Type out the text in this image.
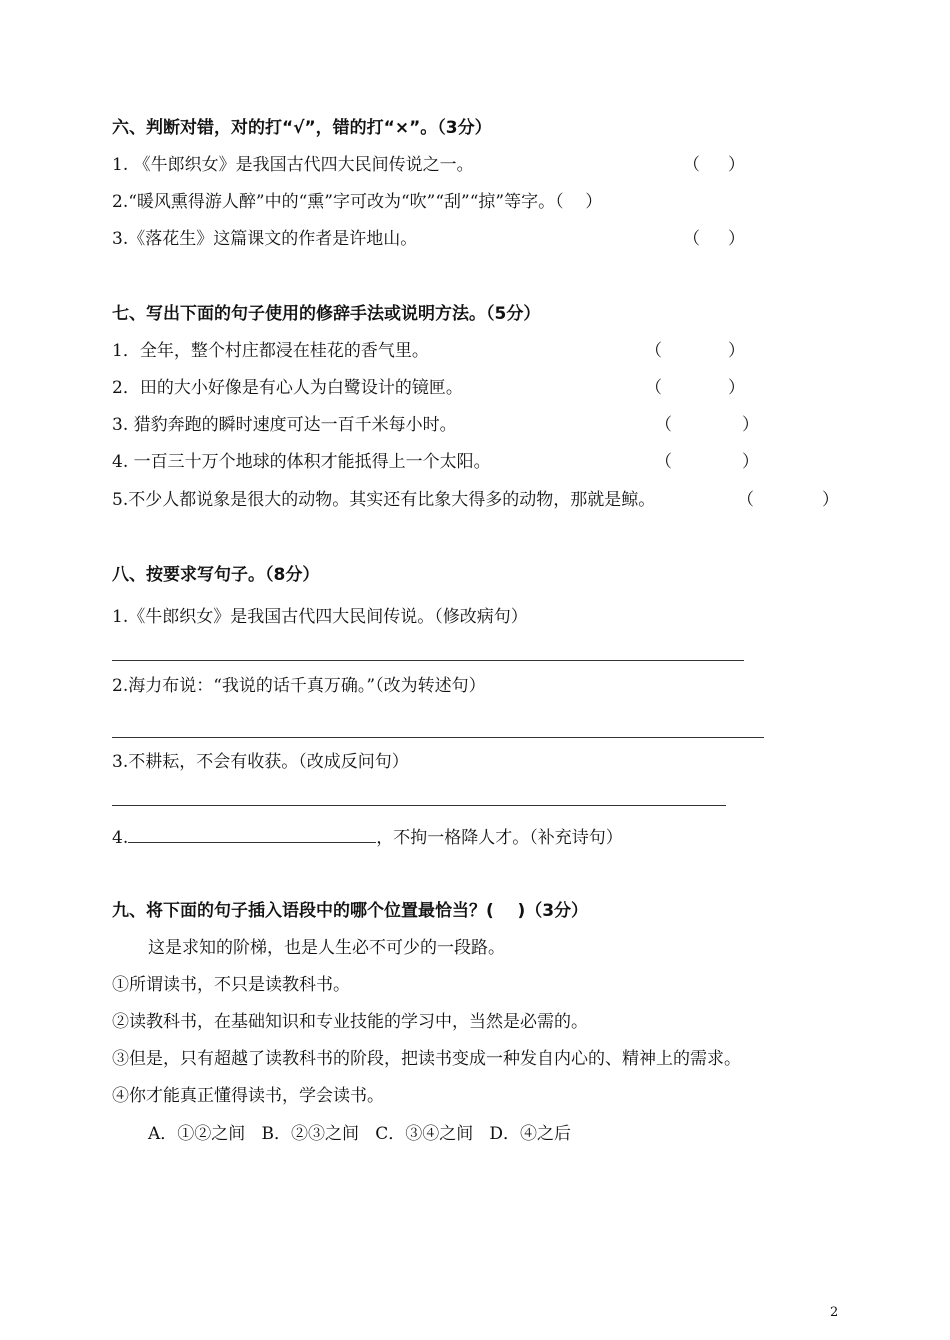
六、判断对错，对的打“√”，错的打“×”。（3分）
1. 《牛郎织女》是我国古代四大民间传说之一。	（ ）
2.“暖风熏得游人醉”中的“熏”字可改为“吹”“刮”“掠”等字。（    ）
3.《落花生》这篇课文的作者是许地山。	（ ）
七、写出下面的句子使用的修辞手法或说明方法。（5分）
1．全年，整个村庄都浸在桂花的香气里。	（	）
2．田的大小好像是有心人为白鹭设计的镜匣。	（	）
3. 猎豹奔跑的瞬时速度可达一百千米每小时。	（	）
4. 一百三十万个地球的体积才能抵得上一个太阳。	（	）
5.不少人都说象是很大的动物。其实还有比象大得多的动物，那就是鲸。	（	）
八、按要求写句子。（8分）
1.《牛郎织女》是我国古代四大民间传说。（修改病句）
2.海力布说：“我说的话千真万确。”（改为转述句）
3.不耕耘，不会有收获。（改成反问句）
4.	，不拘一格降人才。（补充诗句）
九、将下面的句子插入语段中的哪个位置最恰当？(    )（3分）
这是求知的阶梯，也是人生必不可少的一段路。
①所谓读书，不只是读教科书。
②读教科书，在基础知识和专业技能的学习中，当然是必需的。
③但是，只有超越了读教科书的阶段，把读书变成一种发自内心的、精神上的需求。
④你才能真正懂得读书，学会读书。
A．①②之间   B．②③之间   C．③④之间   D．④之后
2
